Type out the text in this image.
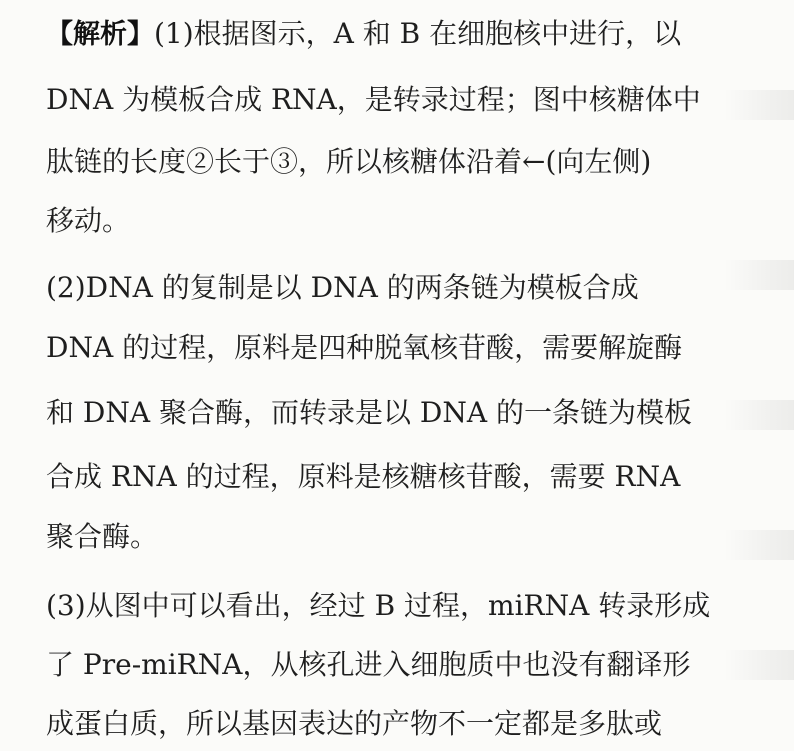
【解析】(1)根据图示，A 和 B 在细胞核中进行，以
DNA 为模板合成 RNA，是转录过程；图中核糖体中
肽链的长度②长于③，所以核糖体沿着←(向左侧)
移动。
(2)DNA 的复制是以 DNA 的两条链为模板合成
DNA 的过程，原料是四种脱氧核苷酸，需要解旋酶
和 DNA 聚合酶，而转录是以 DNA 的一条链为模板
合成 RNA 的过程，原料是核糖核苷酸，需要 RNA
聚合酶。
(3)从图中可以看出，经过 B 过程，miRNA 转录形成
了 Pre-miRNA，从核孔进入细胞质中也没有翻译形
成蛋白质，所以基因表达的产物不一定都是多肽或
